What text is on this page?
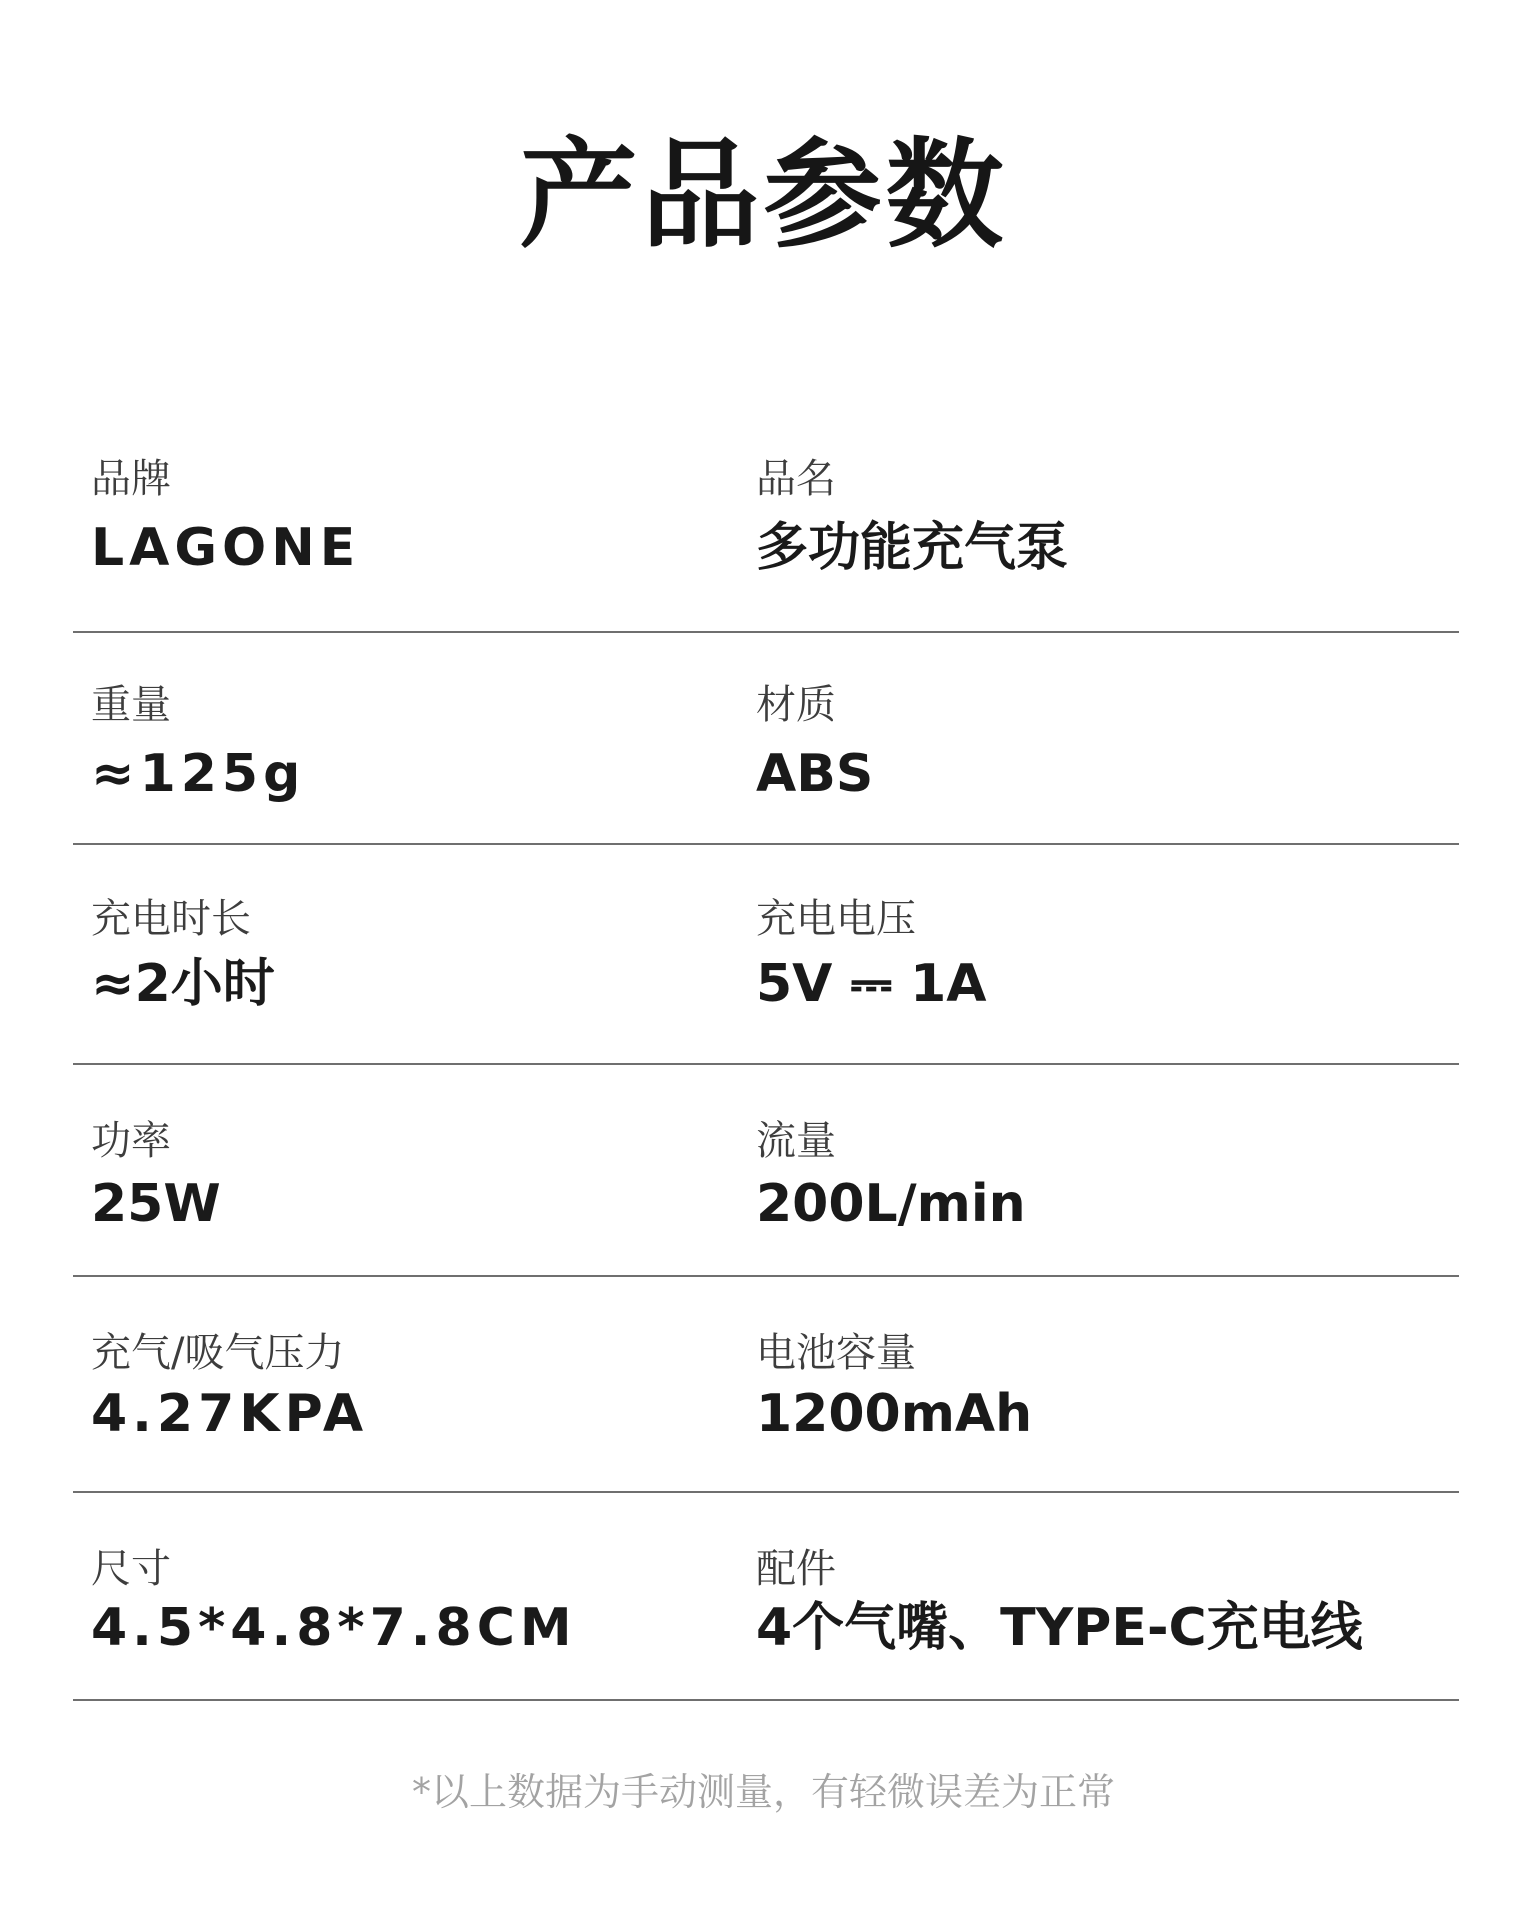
产品参数
品牌
LAGONE
品名
多功能充气泵
重量
≈125g
材质
ABS
充电时长
≈2小时
充电电压
5V ⎓ 1A
功率
25W
流量
200L/min
充气/吸气压力
4.27KPA
电池容量
1200mAh
尺寸
4.5*4.8*7.8CM
配件
4个气嘴、TYPE-C充电线
*以上数据为手动测量，有轻微误差为正常
